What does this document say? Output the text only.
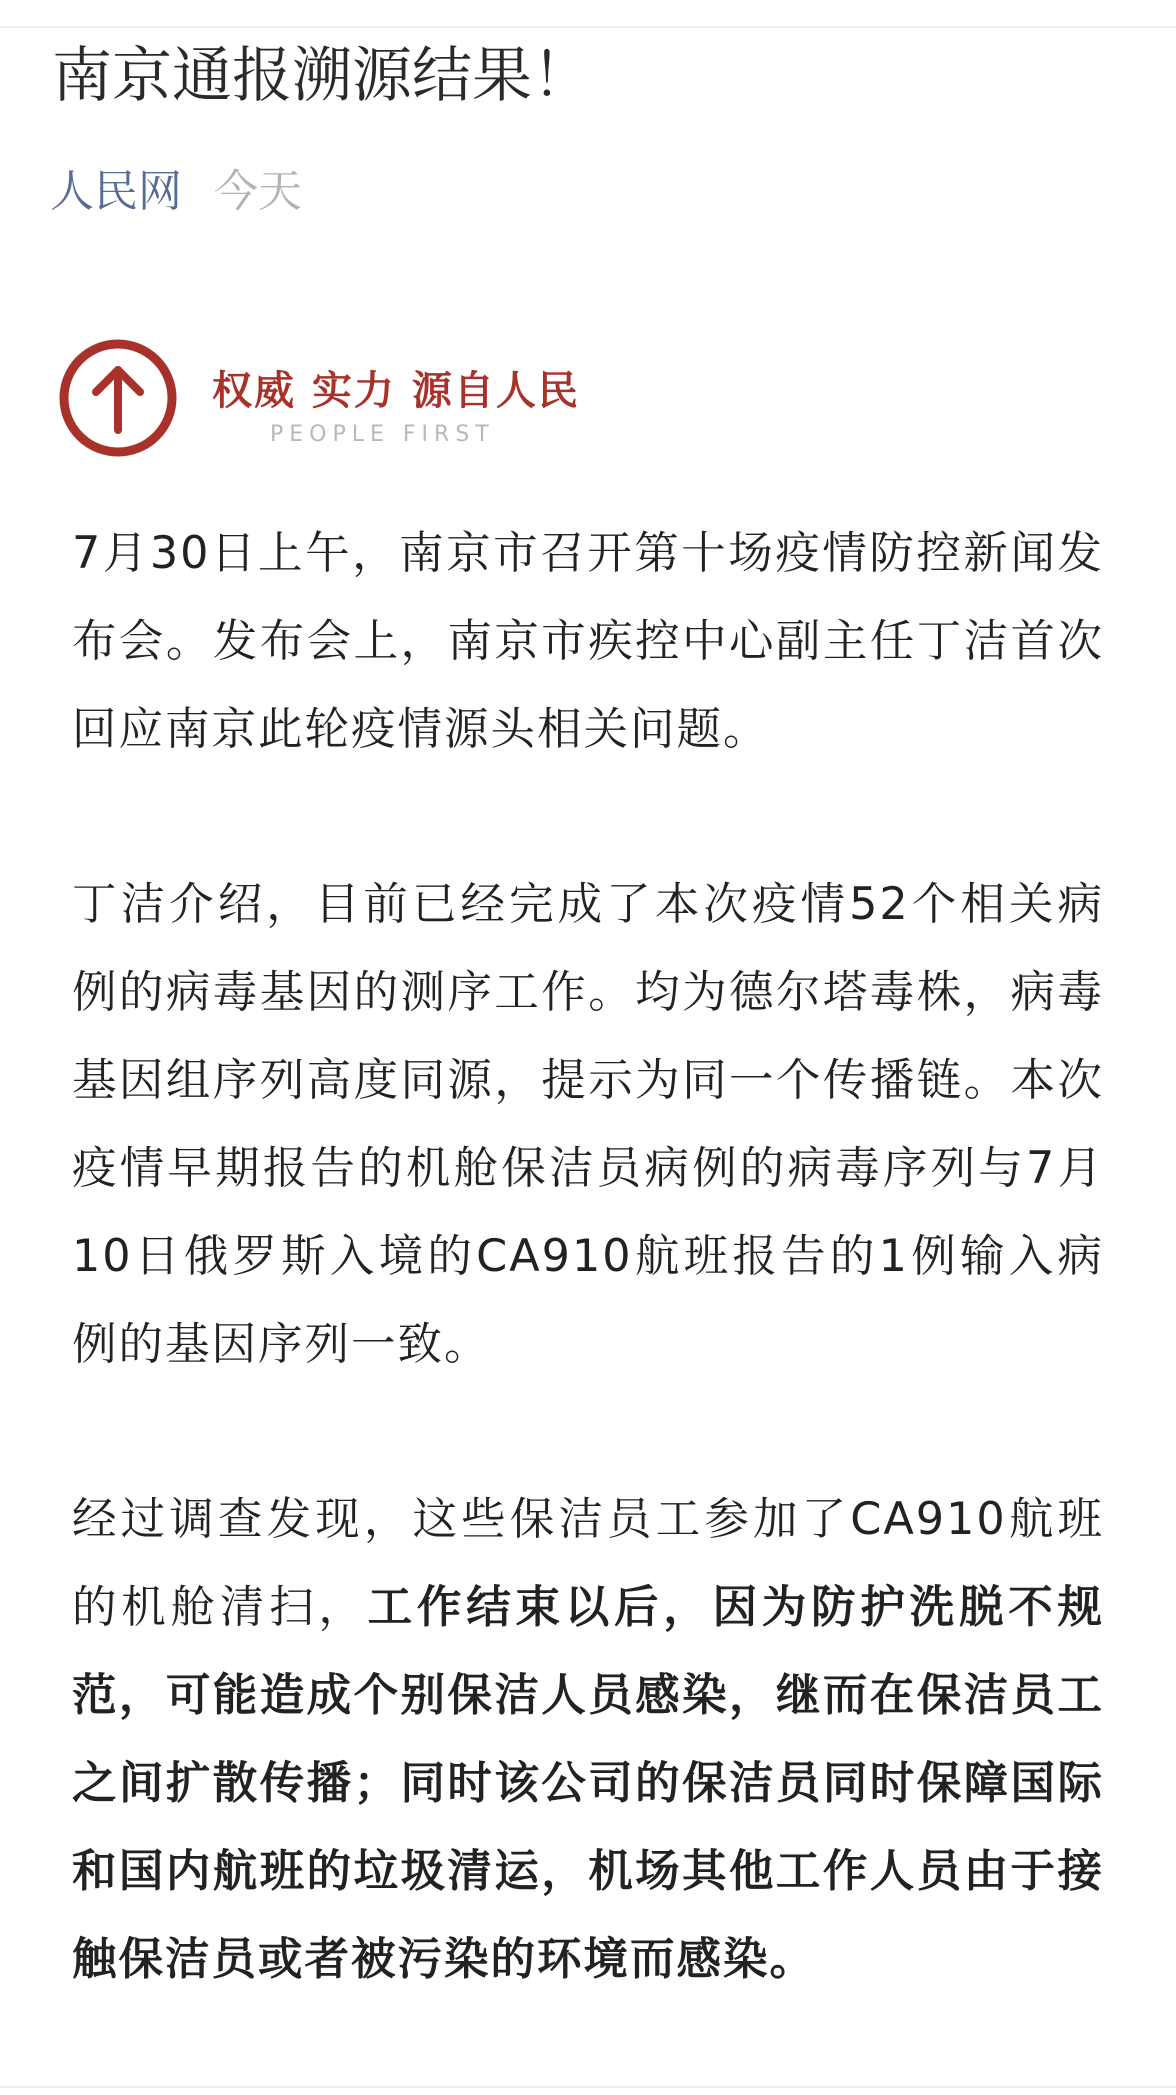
南京通报溯源结果！
人民网 今天
权威 实力 源自人民
PEOPLE FIRST

7月30日上午，南京市召开第十场疫情防控新闻发布会。发布会上，南京市疾控中心副主任丁洁首次回应南京此轮疫情源头相关问题。

丁洁介绍，目前已经完成了本次疫情52个相关病例的病毒基因的测序工作。均为德尔塔毒株，病毒基因组序列高度同源，提示为同一个传播链。本次疫情早期报告的机舱保洁员病例的病毒序列与7月10日俄罗斯入境的CA910航班报告的1例输入病例的基因序列一致。

经过调查发现，这些保洁员工参加了CA910航班的机舱清扫，工作结束以后，因为防护洗脱不规范，可能造成个别保洁人员感染，继而在保洁员工之间扩散传播；同时该公司的保洁员同时保障国际和国内航班的垃圾清运，机场其他工作人员由于接触保洁员或者被污染的环境而感染。
